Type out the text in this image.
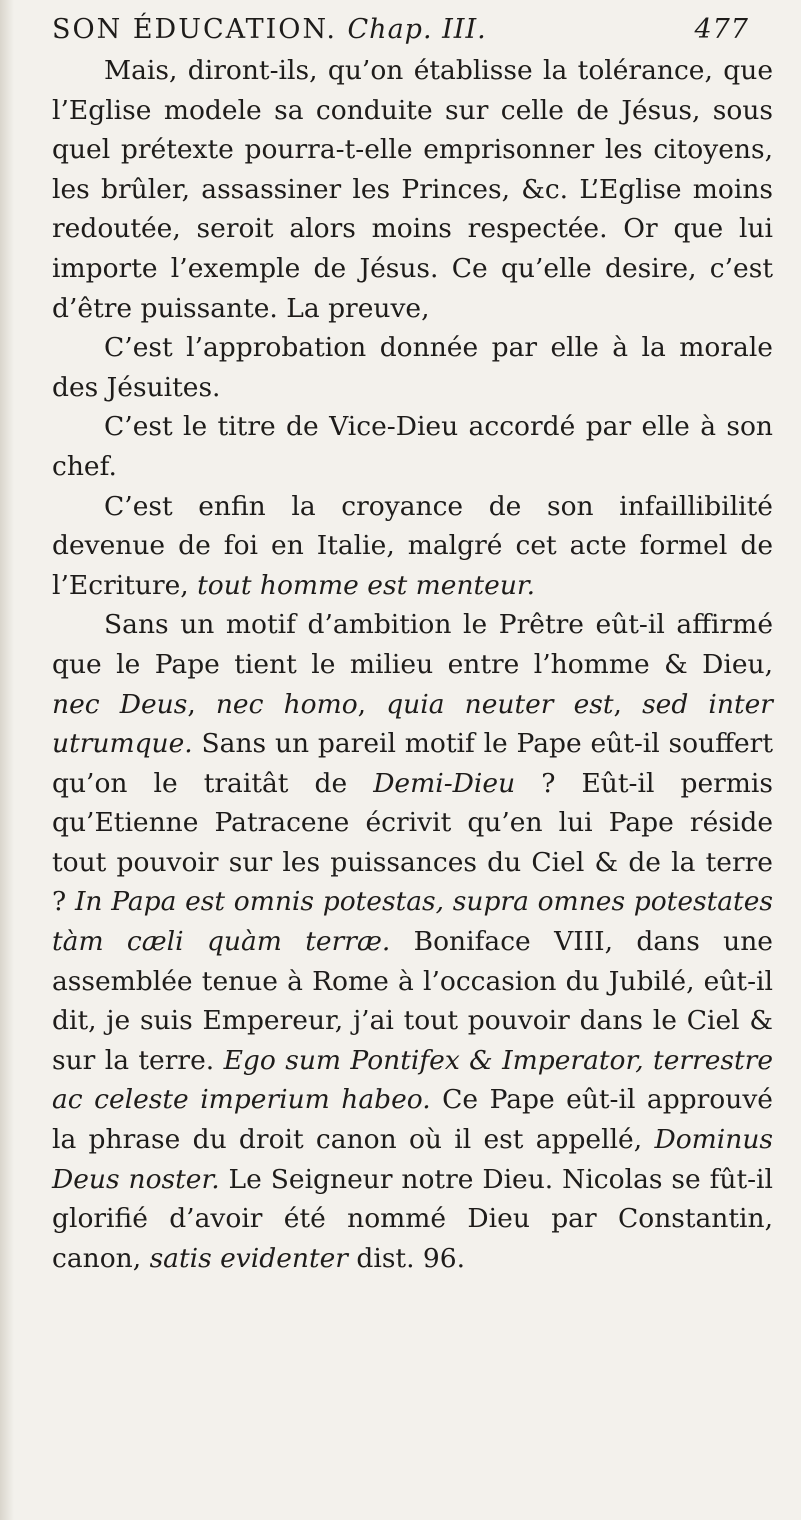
SON ÉDUCATION. Chap. III.	477

Mais, diront-ils, qu’on établisse la tolérance, que l’Eglise modele sa conduite sur celle de Jésus, sous quel prétexte pourra-t-elle emprisonner les citoyens, les brûler, assassiner les Princes, &c. L’Eglise moins redoutée, seroit alors moins respectée. Or que lui importe l’exemple de Jésus. Ce qu’elle desire, c’est d’être puissante. La preuve,

C’est l’approbation donnée par elle à la morale des Jésuites.

C’est le titre de Vice-Dieu accordé par elle à son chef.

C’est enfin la croyance de son infaillibilité devenue de foi en Italie, malgré cet acte formel de l’Ecriture, tout homme est menteur.

Sans un motif d’ambition le Prêtre eût-il affirmé que le Pape tient le milieu entre l’homme & Dieu, nec Deus, nec homo, quia neuter est, sed inter utrumque. Sans un pareil motif le Pape eût-il souffert qu’on le traitât de Demi-Dieu ? Eût-il permis qu’Etienne Patracene écrivit qu’en lui Pape réside tout pouvoir sur les puissances du Ciel & de la terre ? In Papa est omnis potestas, supra omnes potestates tàm cæli quàm terræ. Boniface VIII, dans une assemblée tenue à Rome à l’occasion du Jubilé, eût-il dit, je suis Empereur, j’ai tout pouvoir dans le Ciel & sur la terre. Ego sum Pontifex & Imperator, terrestre ac celeste imperium habeo. Ce Pape eût-il approuvé la phrase du droit canon où il est appellé, Dominus Deus noster. Le Seigneur notre Dieu. Nicolas se fût-il glorifié d’avoir été nommé Dieu par Constantin, canon, satis evidenter dist. 96.
